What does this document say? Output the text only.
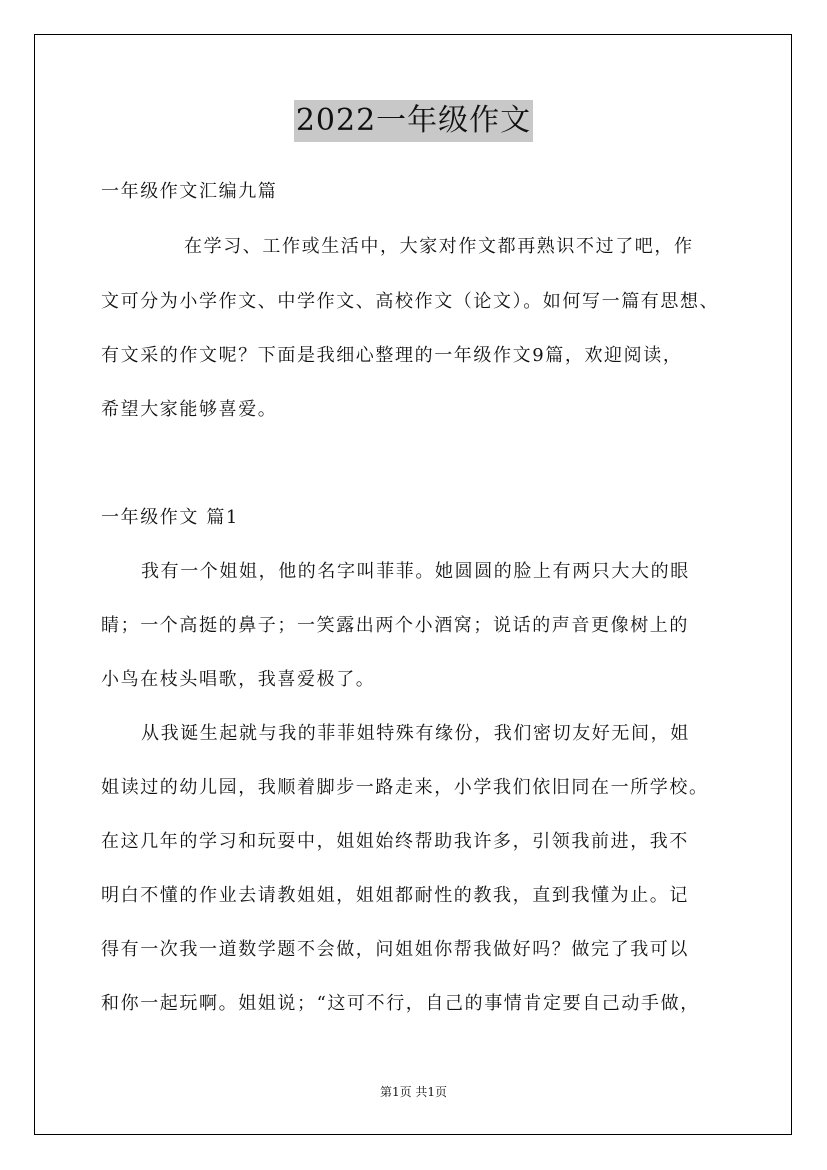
2022一年级作文
一年级作文汇编九篇
在学习、工作或生活中，大家对作文都再熟识不过了吧，作
文可分为小学作文、中学作文、高校作文（论文）。如何写一篇有思想、
有文采的作文呢？下面是我细心整理的一年级作文9篇，欢迎阅读，
希望大家能够喜爱。
一年级作文 篇1
我有一个姐姐，他的名字叫菲菲。她圆圆的脸上有两只大大的眼
睛；一个高挺的鼻子；一笑露出两个小酒窝；说话的声音更像树上的
小鸟在枝头唱歌，我喜爱极了。
从我诞生起就与我的菲菲姐特殊有缘份，我们密切友好无间，姐
姐读过的幼儿园，我顺着脚步一路走来，小学我们依旧同在一所学校。
在这几年的学习和玩耍中，姐姐始终帮助我许多，引领我前进，我不
明白不懂的作业去请教姐姐，姐姐都耐性的教我，直到我懂为止。记
得有一次我一道数学题不会做，问姐姐你帮我做好吗？做完了我可以
和你一起玩啊。姐姐说；“这可不行，自己的事情肯定要自己动手做，
第1页 共1页
